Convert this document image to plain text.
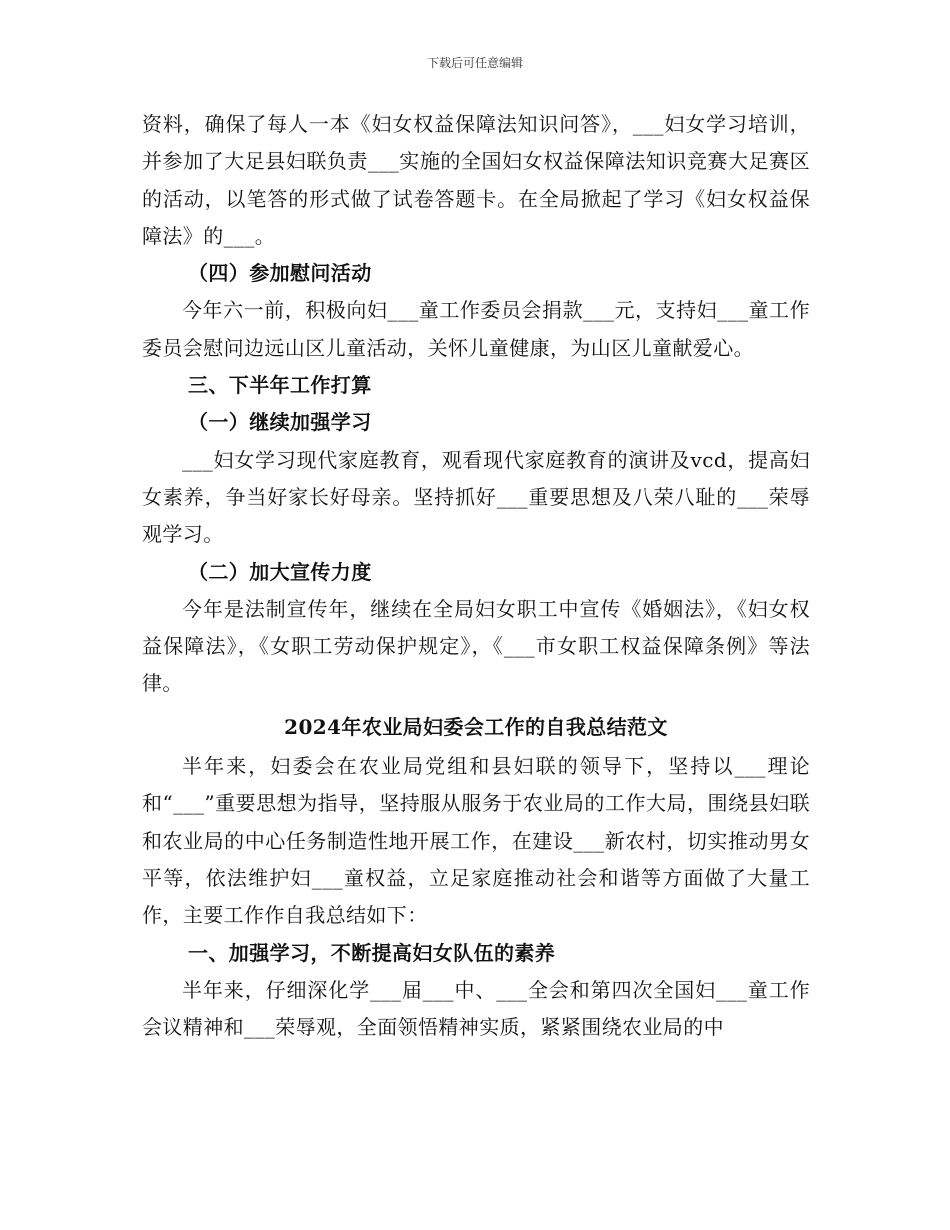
下载后可任意编辑

资料，确保了每人一本《妇女权益保障法知识问答》，___妇女学习培训，并参加了大足县妇联负责___实施的全国妇女权益保障法知识竞赛大足赛区的活动，以笔答的形式做了试卷答题卡。在全局掀起了学习《妇女权益保障法》的___。

（四）参加慰问活动

今年六一前，积极向妇___童工作委员会捐款___元，支持妇___童工作委员会慰问边远山区儿童活动，关怀儿童健康，为山区儿童献爱心。

三、下半年工作打算

（一）继续加强学习

___妇女学习现代家庭教育，观看现代家庭教育的演讲及vcd，提高妇女素养，争当好家长好母亲。坚持抓好___重要思想及八荣八耻的___荣辱观学习。

（二）加大宣传力度

今年是法制宣传年，继续在全局妇女职工中宣传《婚姻法》，《妇女权益保障法》，《女职工劳动保护规定》，《___市女职工权益保障条例》等法律。

2024年农业局妇委会工作的自我总结范文

半年来，妇委会在农业局党组和县妇联的领导下，坚持以___理论和“___”重要思想为指导，坚持服从服务于农业局的工作大局，围绕县妇联和农业局的中心任务制造性地开展工作，在建设___新农村，切实推动男女平等，依法维护妇___童权益，立足家庭推动社会和谐等方面做了大量工作，主要工作作自我总结如下：

一、加强学习，不断提高妇女队伍的素养

半年来，仔细深化学___届___中、___全会和第四次全国妇___童工作会议精神和___荣辱观，全面领悟精神实质，紧紧围绕农业局的中
